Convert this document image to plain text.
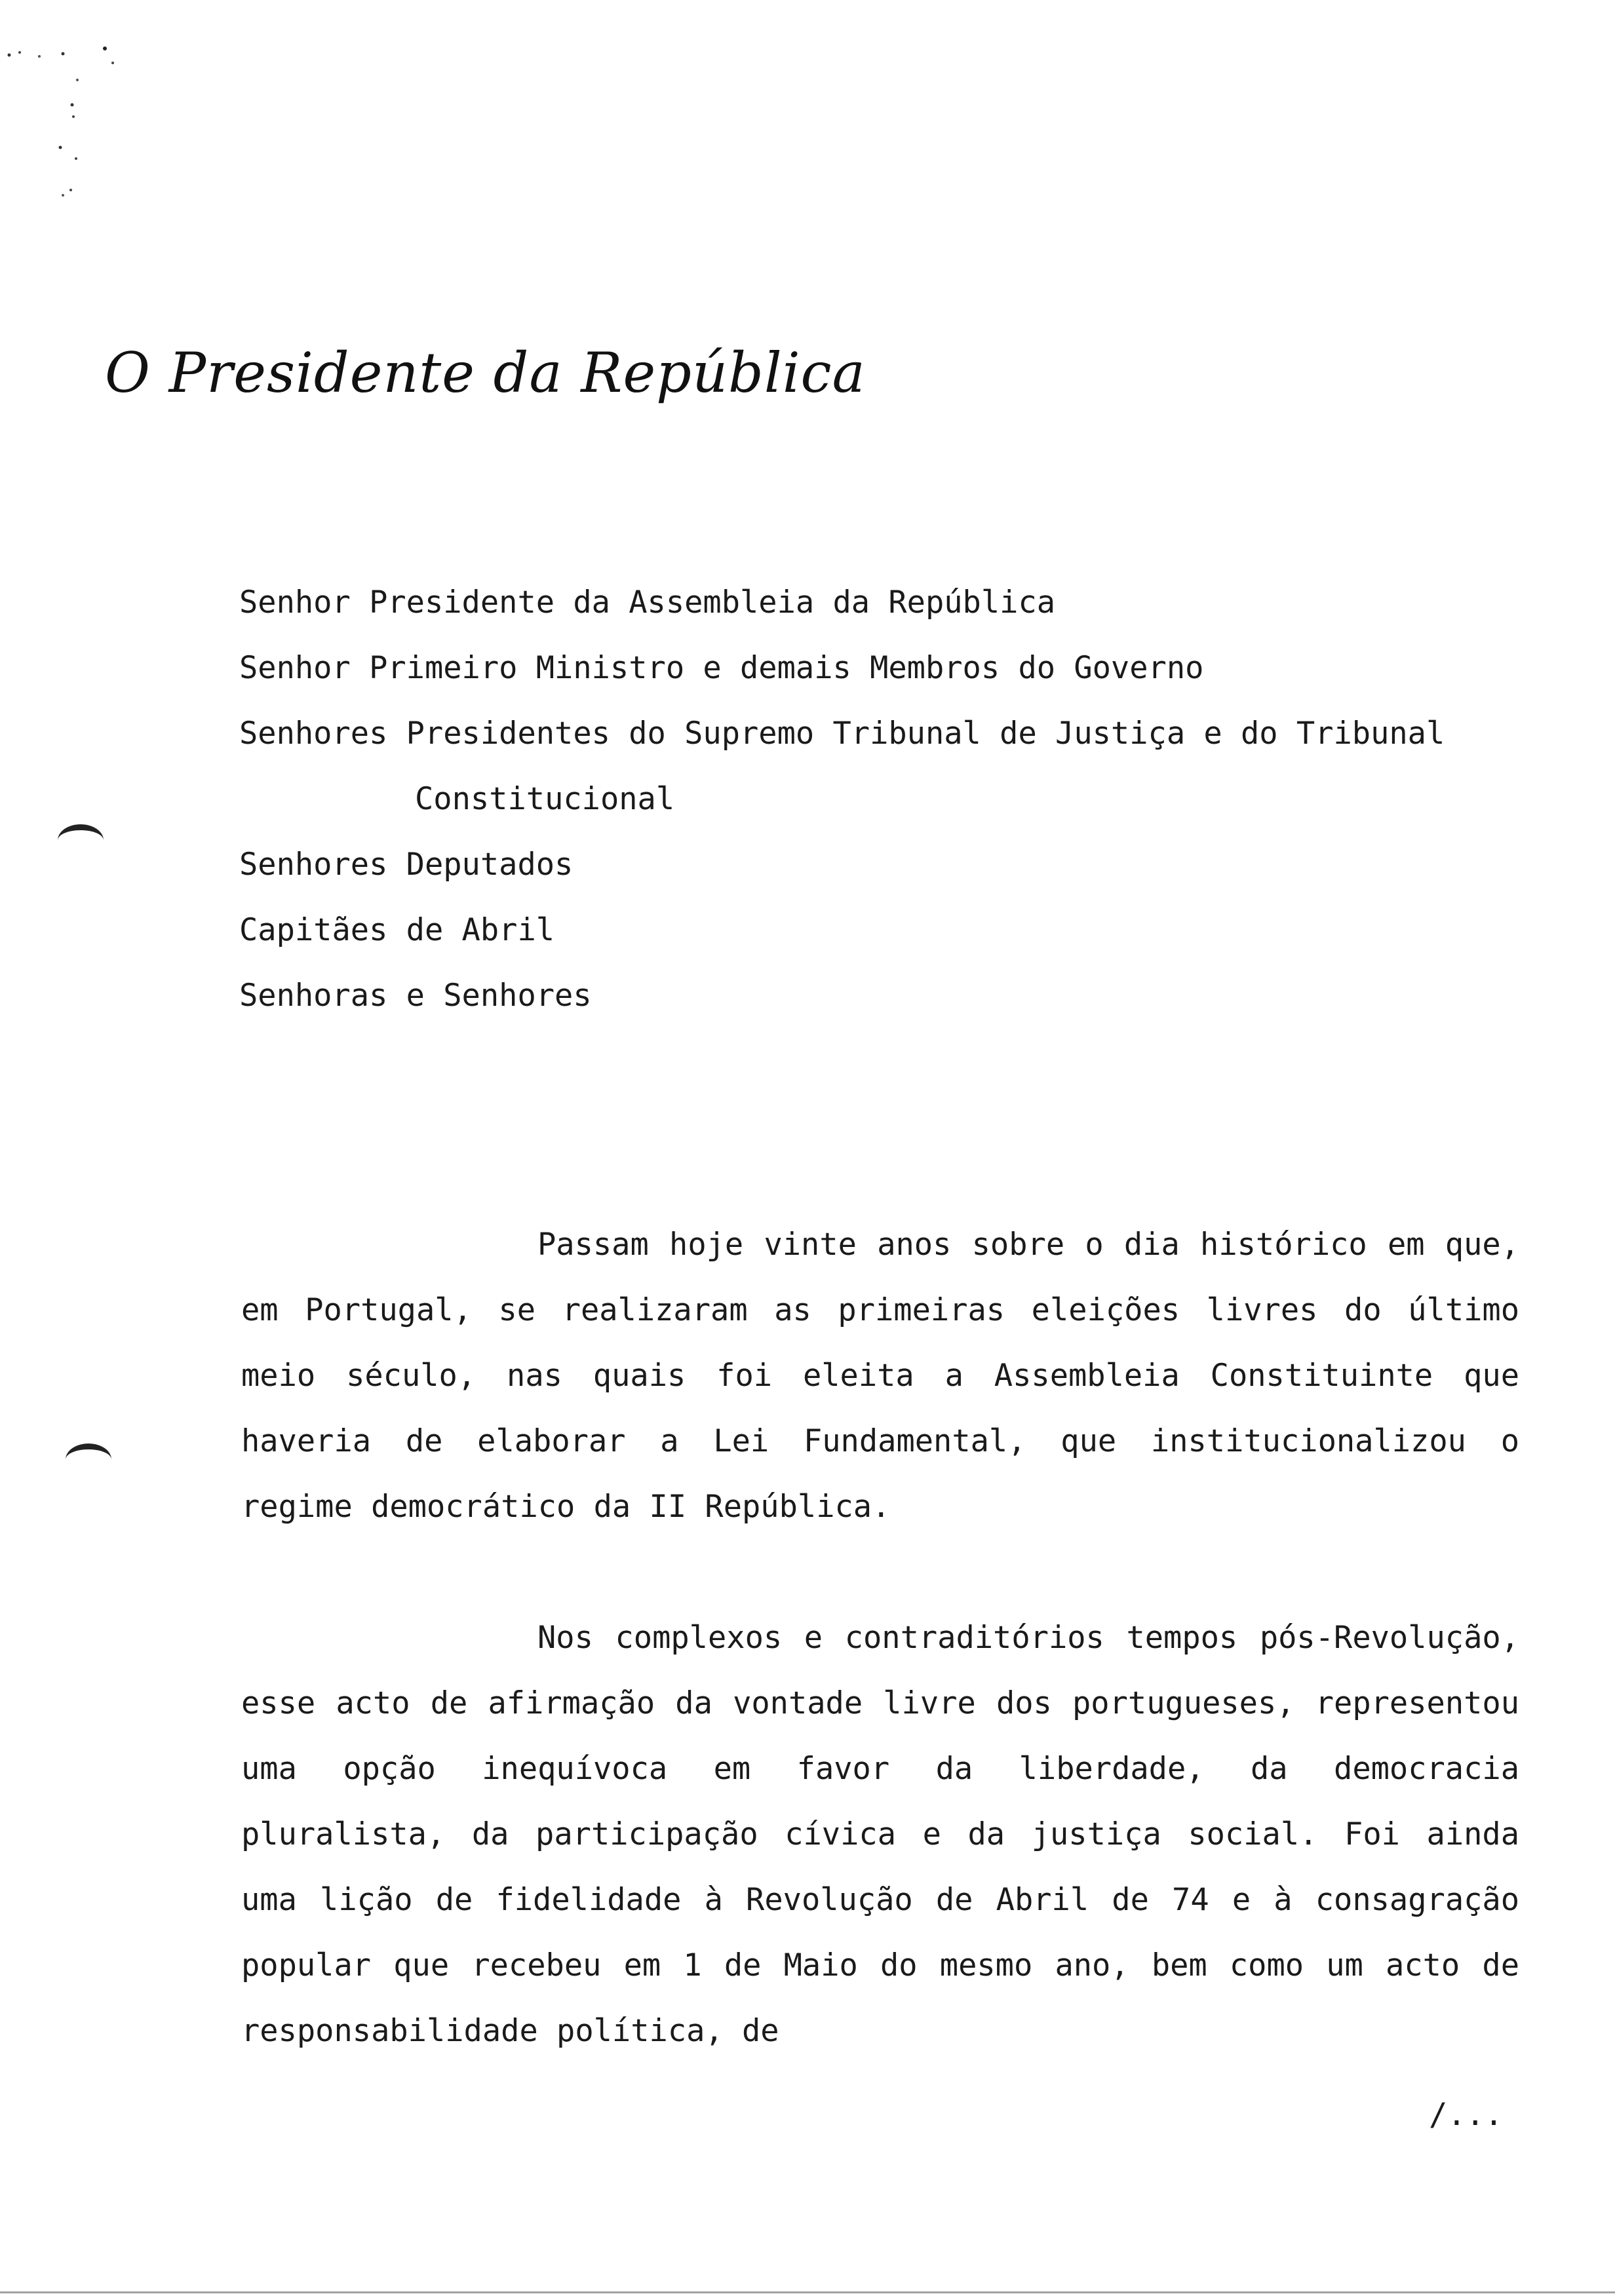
O Presidente da República
Senhor Presidente da Assembleia da República
Senhor Primeiro Ministro e demais Membros do Governo
Senhores Presidentes do Supremo Tribunal de Justiça e do Tribunal
Constitucional
Senhores Deputados
Capitães de Abril
Senhoras e Senhores

Passam hoje vinte anos sobre o dia histórico em que, em Portugal, se realizaram as primeiras eleições livres do último meio século, nas quais foi eleita a Assembleia Constituinte que haveria de elaborar a Lei Fundamental, que institucionalizou o regime democrático da II República.

Nos complexos e contraditórios tempos pós-Revolução, esse acto de afirmação da vontade livre dos portugueses, representou uma opção inequívoca em favor da liberdade, da democracia pluralista, da participação cívica e da justiça social. Foi ainda uma lição de fidelidade à Revolução de Abril de 74 e à consagração popular que recebeu em 1 de Maio do mesmo ano, bem como um acto de responsabilidade política, de

/...
